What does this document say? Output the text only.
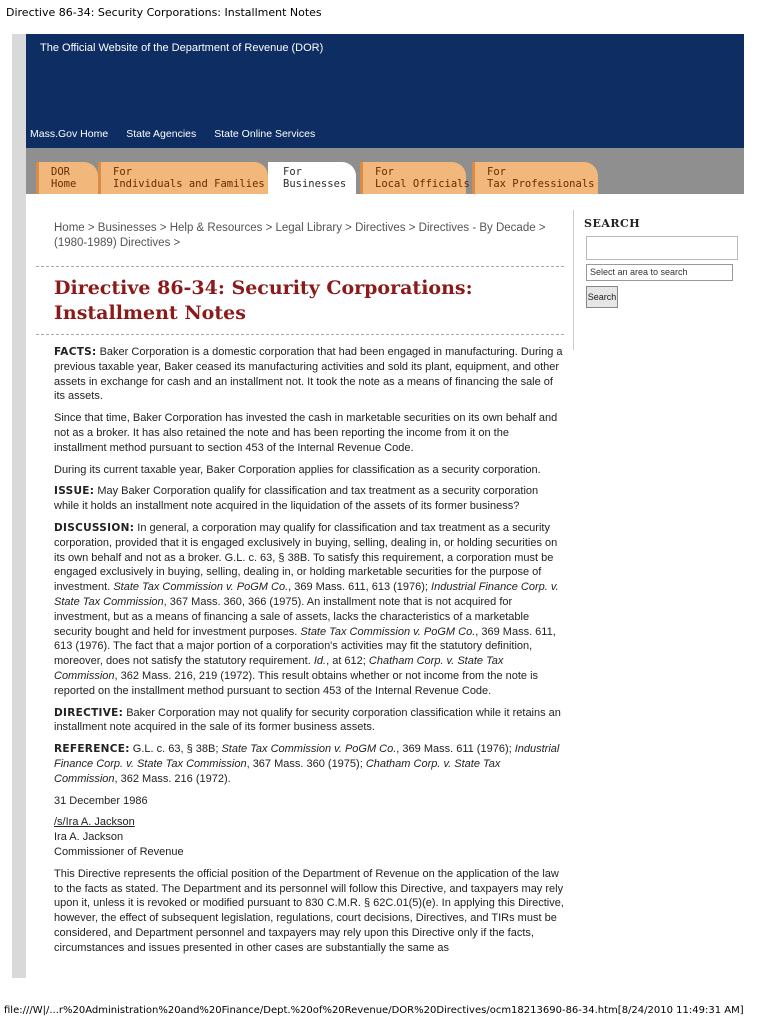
Directive 86-34: Security Corporations: Installment Notes
The Official Website of the Department of Revenue (DOR)
Mass.Gov Home State Agencies State Online Services
DOR
Home
For
Individuals and Families
For
Businesses
For
Local Officials
For
Tax Professionals
Home > Businesses > Help & Resources > Legal Library > Directives > Directives - By Decade >
(1980-1989) Directives >
Directive 86-34: Security Corporations:
Installment Notes

FACTS: Baker Corporation is a domestic corporation that had been engaged in manufacturing. During a previous taxable year, Baker ceased its manufacturing activities and sold its plant, equipment, and other assets in exchange for cash and an installment not. It took the note as a means of financing the sale of its assets.

Since that time, Baker Corporation has invested the cash in marketable securities on its own behalf and not as a broker. It has also retained the note and has been reporting the income from it on the installment method pursuant to section 453 of the Internal Revenue Code.

During its current taxable year, Baker Corporation applies for classification as a security corporation.

ISSUE: May Baker Corporation qualify for classification and tax treatment as a security corporation while it holds an installment note acquired in the liquidation of the assets of its former business?

DISCUSSION: In general, a corporation may qualify for classification and tax treatment as a security corporation, provided that it is engaged exclusively in buying, selling, dealing in, or holding securities on its own behalf and not as a broker. G.L. c. 63, § 38B. To satisfy this requirement, a corporation must be engaged exclusively in buying, selling, dealing in, or holding marketable securities for the purpose of investment. State Tax Commission v. PoGM Co., 369 Mass. 611, 613 (1976); Industrial Finance Corp. v. State Tax Commission, 367 Mass. 360, 366 (1975). An installment note that is not acquired for investment, but as a means of financing a sale of assets, lacks the characteristics of a marketable security bought and held for investment purposes. State Tax Commission v. PoGM Co., 369 Mass. 611, 613 (1976). The fact that a major portion of a corporation's activities may fit the statutory definition, moreover, does not satisfy the statutory requirement. Id., at 612; Chatham Corp. v. State Tax Commission, 362 Mass. 216, 219 (1972). This result obtains whether or not income from the note is reported on the installment method pursuant to section 453 of the Internal Revenue Code.

DIRECTIVE: Baker Corporation may not qualify for security corporation classification while it retains an installment note acquired in the sale of its former business assets.

REFERENCE: G.L. c. 63, § 38B; State Tax Commission v. PoGM Co., 369 Mass. 611 (1976); Industrial Finance Corp. v. State Tax Commission, 367 Mass. 360 (1975); Chatham Corp. v. State Tax Commission, 362 Mass. 216 (1972).

31 December 1986

/s/Ira A. Jackson
Ira A. Jackson
Commissioner of Revenue

This Directive represents the official position of the Department of Revenue on the application of the law to the facts as stated. The Department and its personnel will follow this Directive, and taxpayers may rely upon it, unless it is revoked or modified pursuant to 830 C.M.R. § 62C.01(5)(e). In applying this Directive, however, the effect of subsequent legislation, regulations, court decisions, Directives, and TIRs must be considered, and Department personnel and taxpayers may rely upon this Directive only if the facts, circumstances and issues presented in other cases are substantially the same as

SEARCH
Select an area to search
Search
file:///W|/...r%20Administration%20and%20Finance/Dept.%20of%20Revenue/DOR%20Directives/ocm18213690-86-34.htm[8/24/2010 11:49:31 AM]
